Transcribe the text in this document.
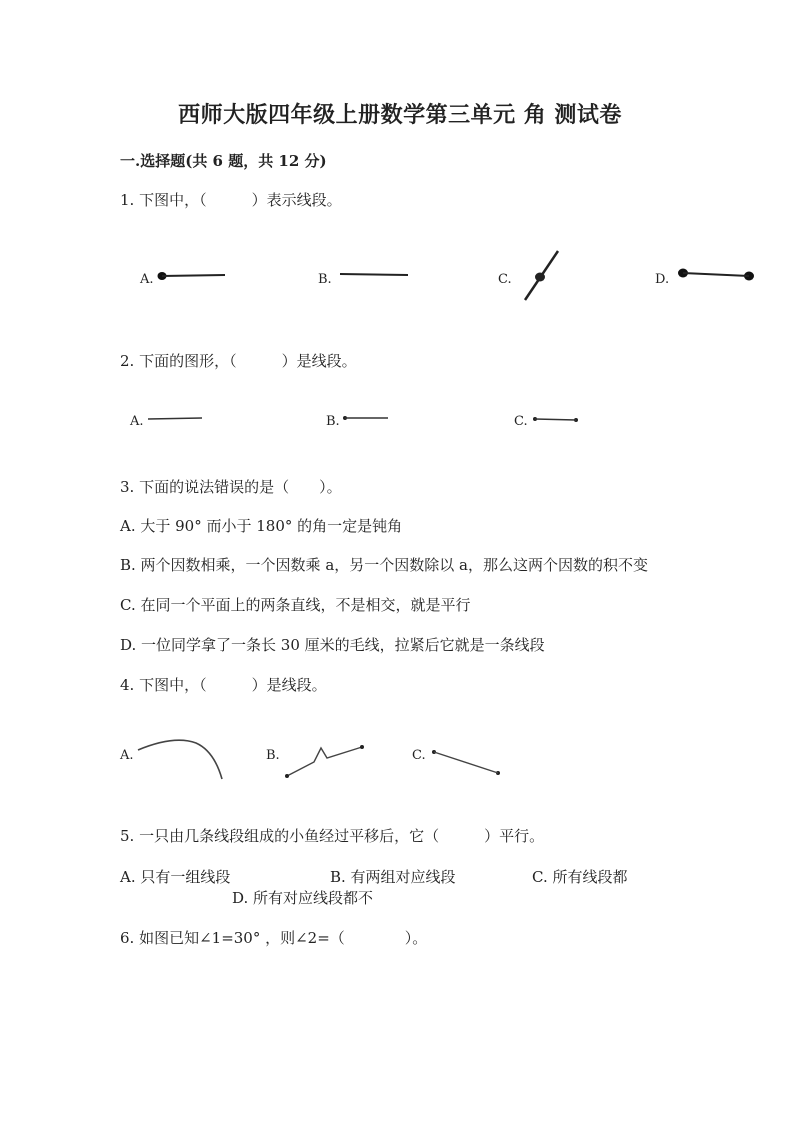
西师大版四年级上册数学第三单元 角 测试卷
一.选择题(共 6 题，共 12 分)
1. 下图中，（　　　）表示线段。
A.	B.	C.	D.
2. 下面的图形，（　　　）是线段。
A.	B.	C.
3. 下面的说法错误的是（　　）。
A. 大于 90° 而小于 180° 的角一定是钝角
B. 两个因数相乘，一个因数乘 a，另一个因数除以 a，那么这两个因数的积不变
C. 在同一个平面上的两条直线，不是相交，就是平行
D. 一位同学拿了一条长 30 厘米的毛线，拉紧后它就是一条线段
4. 下图中，（　　　）是线段。
A.	B.	C.
5. 一只由几条线段组成的小鱼经过平移后，它（　　　）平行。
A. 只有一组线段	B. 有两组对应线段	C. 所有线段都
D. 所有对应线段都不
6. 如图已知∠1=30° ，则∠2=（　　　　）。
